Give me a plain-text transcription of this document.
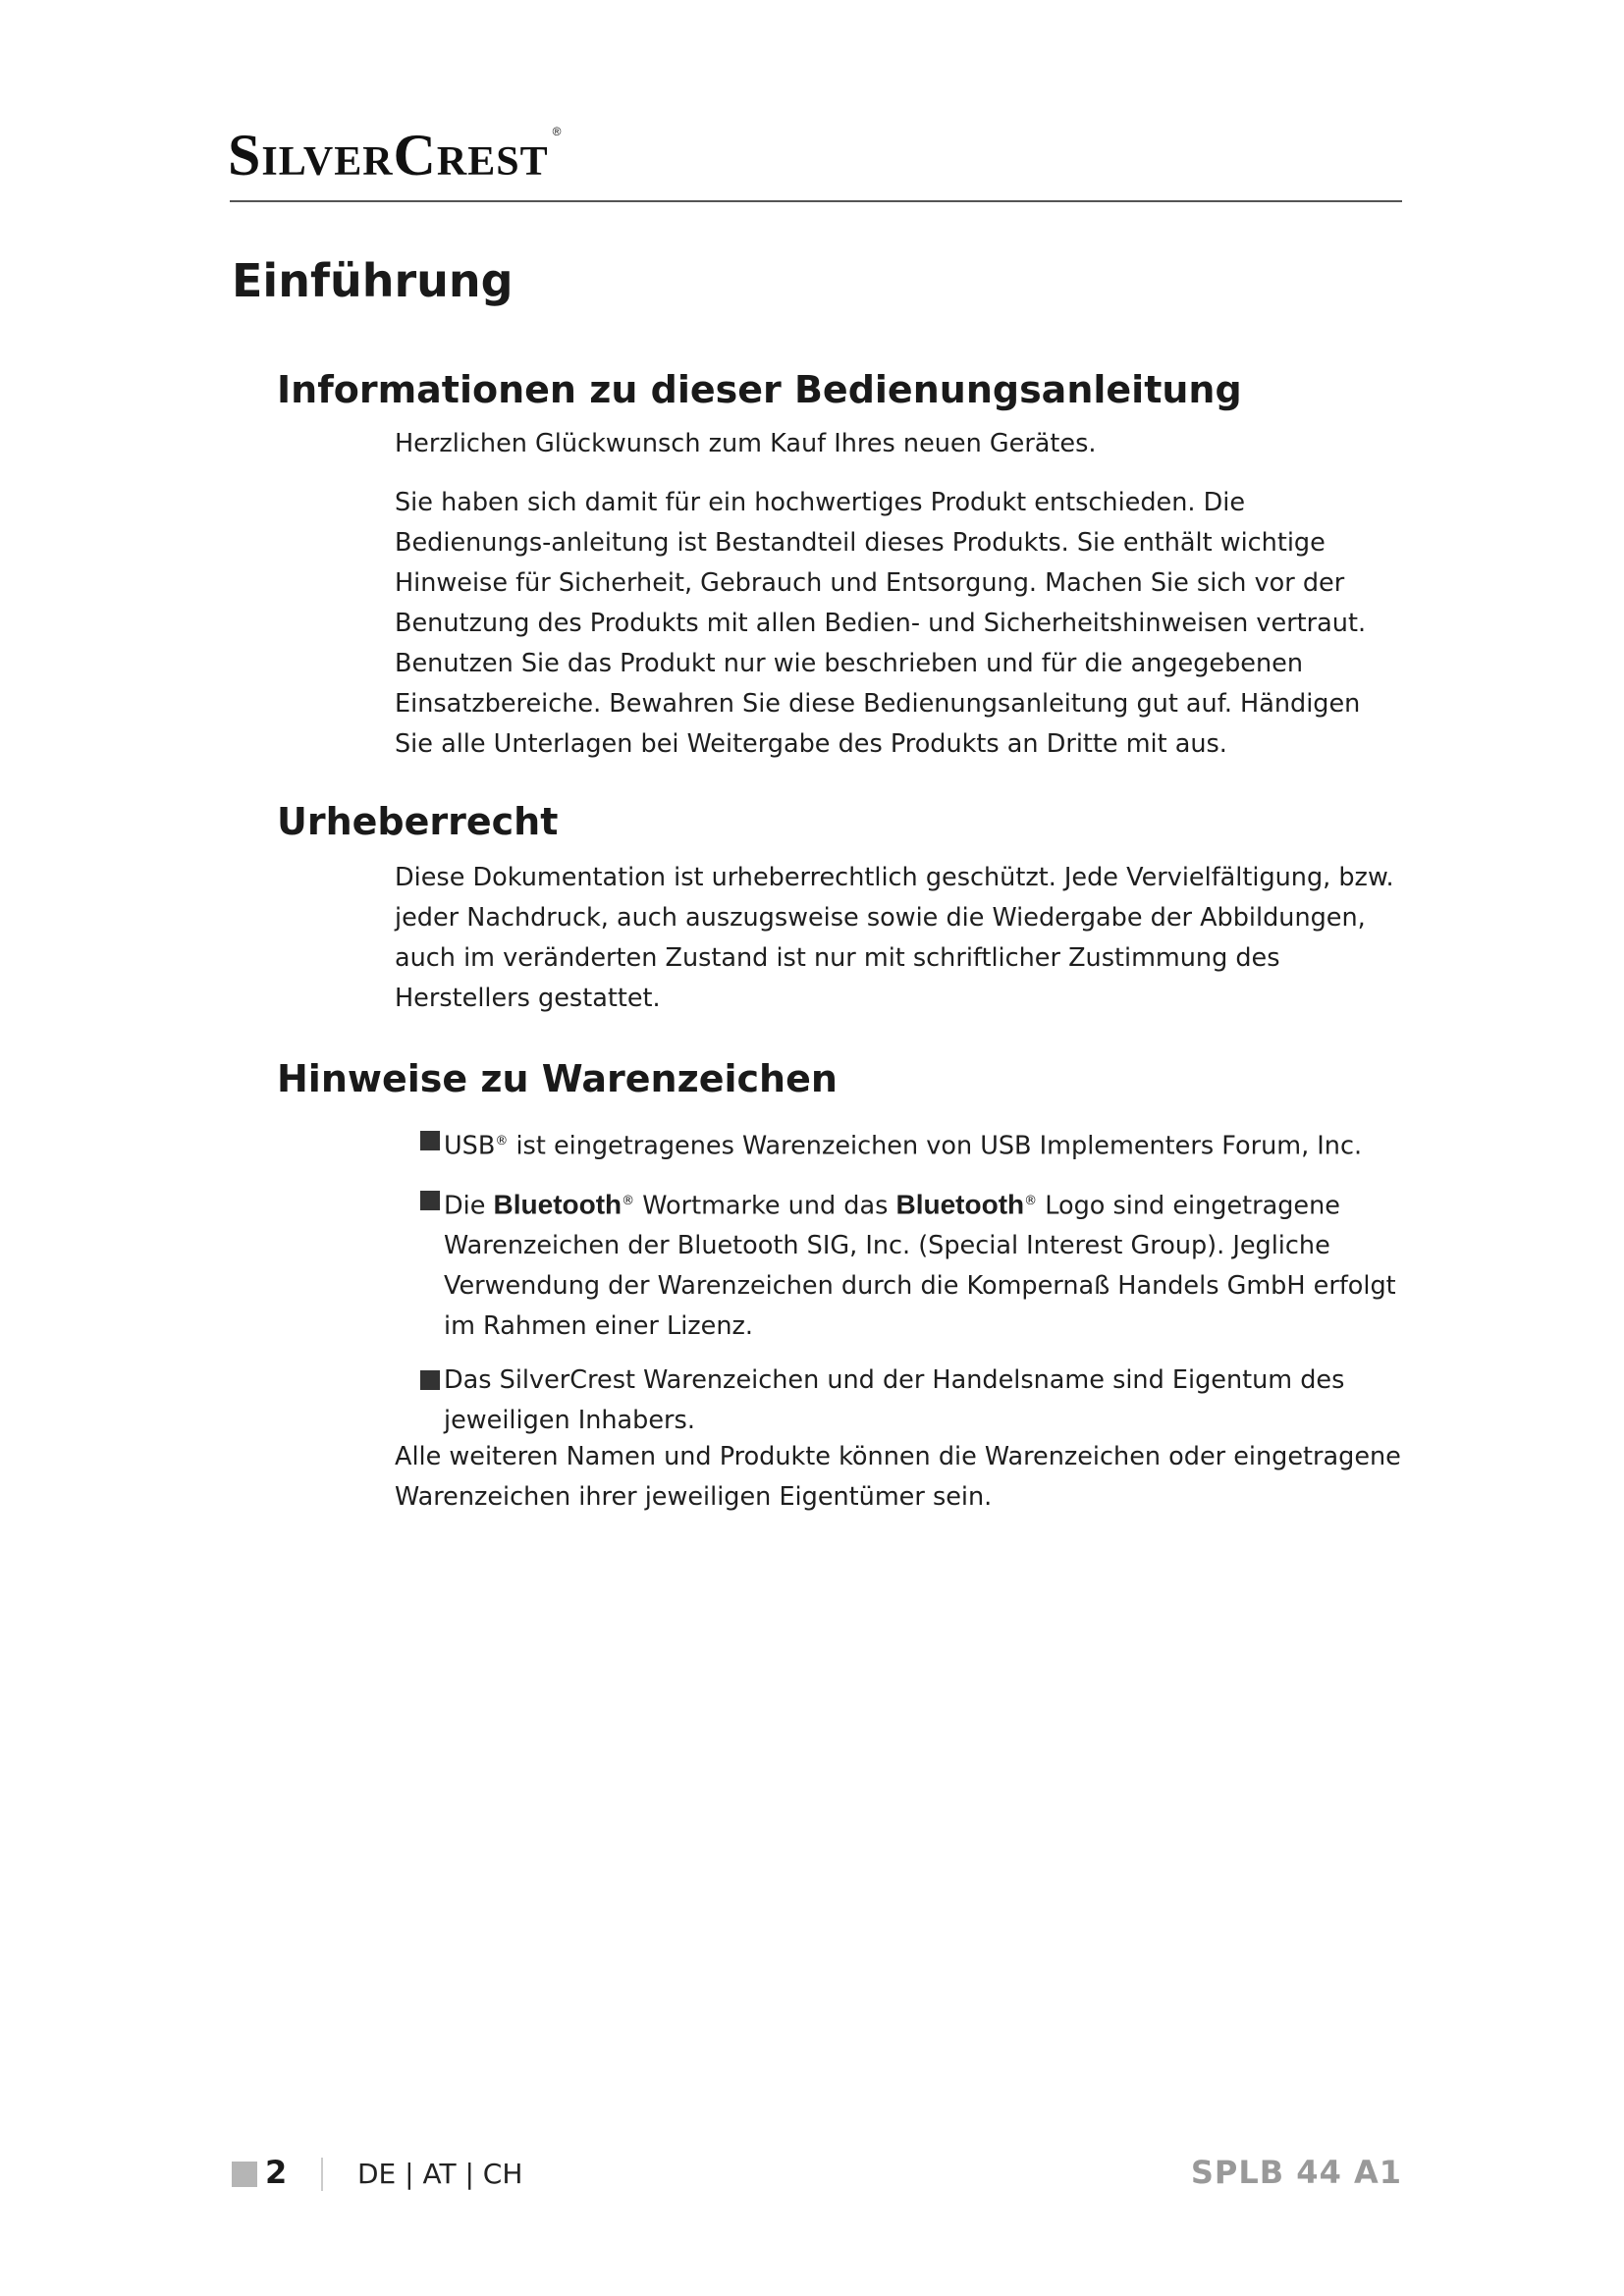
SilverCrest ®
Einführung
Informationen zu dieser Bedienungsanleitung

Herzlichen Glückwunsch zum Kauf Ihres neuen Gerätes.

Sie haben sich damit für ein hochwertiges Produkt entschieden. Die Bedienungs-anleitung ist Bestandteil dieses Produkts. Sie enthält wichtige Hinweise für Sicherheit, Gebrauch und Entsorgung. Machen Sie sich vor der Benutzung des Produkts mit allen Bedien- und Sicherheitshinweisen vertraut. Benutzen Sie das Produkt nur wie beschrieben und für die angegebenen Einsatzbereiche. Bewahren Sie diese Bedienungsanleitung gut auf. Händigen Sie alle Unterlagen bei Weitergabe des Produkts an Dritte mit aus.

Urheberrecht

Diese Dokumentation ist urheberrechtlich geschützt. Jede Vervielfältigung, bzw. jeder Nachdruck, auch auszugsweise sowie die Wiedergabe der Abbildungen, auch im veränderten Zustand ist nur mit schriftlicher Zustimmung des Herstellers gestattet.

Hinweise zu Warenzeichen
USB® ist eingetragenes Warenzeichen von USB Implementers Forum, Inc.
Die Bluetooth® Wortmarke und das Bluetooth® Logo sind eingetragene Warenzeichen der Bluetooth SIG, Inc. (Special Interest Group). Jegliche Verwendung der Warenzeichen durch die Kompernaß Handels GmbH erfolgt im Rahmen einer Lizenz.
Das SilverCrest Warenzeichen und der Handelsname sind Eigentum des jeweiligen Inhabers.

Alle weiteren Namen und Produkte können die Warenzeichen oder eingetragene Warenzeichen ihrer jeweiligen Eigentümer sein.

2	DE | AT | CH	SPLB 44 A1
